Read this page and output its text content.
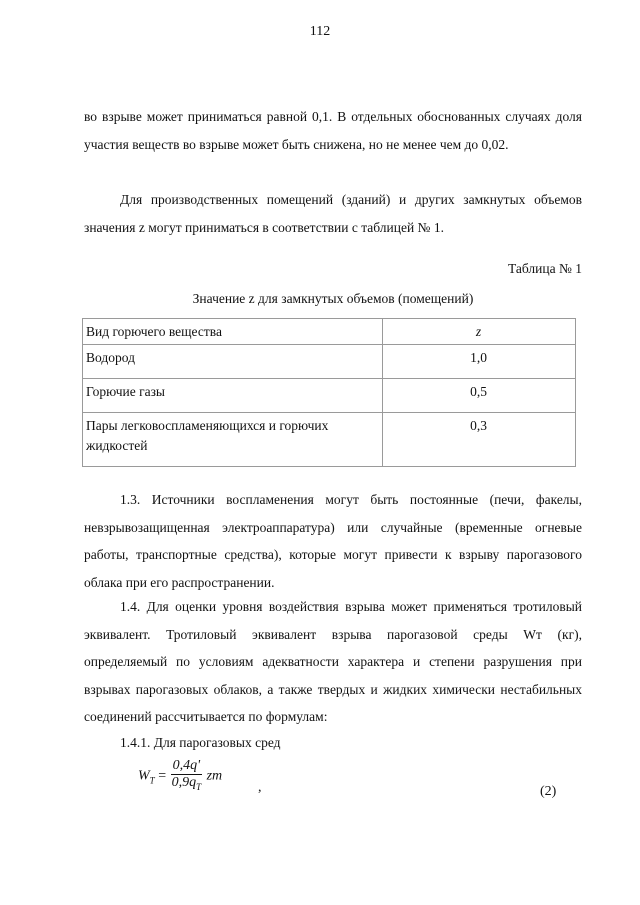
112
во взрыве может приниматься равной 0,1. В отдельных обоснованных случаях доля участия веществ во взрыве может быть снижена, но не менее чем до 0,02.
Для производственных помещений (зданий) и других замкнутых объемов значения z могут приниматься в соответствии с таблицей № 1.
Таблица № 1
Значение z для замкнутых объемов (помещений)
Вид горючего вещества	z
Водород	1,0
Горючие газы	0,5
Пары легковоспламеняющихся и горючих жидкостей	0,3
1.3. Источники воспламенения могут быть постоянные (печи, факелы, невзрывозащищенная электроаппаратура) или случайные (временные огневые работы, транспортные средства), которые могут привести к взрыву парогазового облака при его распространении.
1.4. Для оценки уровня воздействия взрыва может применяться тротиловый эквивалент. Тротиловый эквивалент взрыва парогазовой среды Wт (кг), определяемый по условиям адекватности характера и степени разрушения при взрывах парогазовых облаков, а также твердых и жидких химически нестабильных соединений рассчитывается по формулам:
1.4.1. Для парогазовых сред
$W_T = \frac{0,4q'}{0,9q_T}$ zm
,	(2)
